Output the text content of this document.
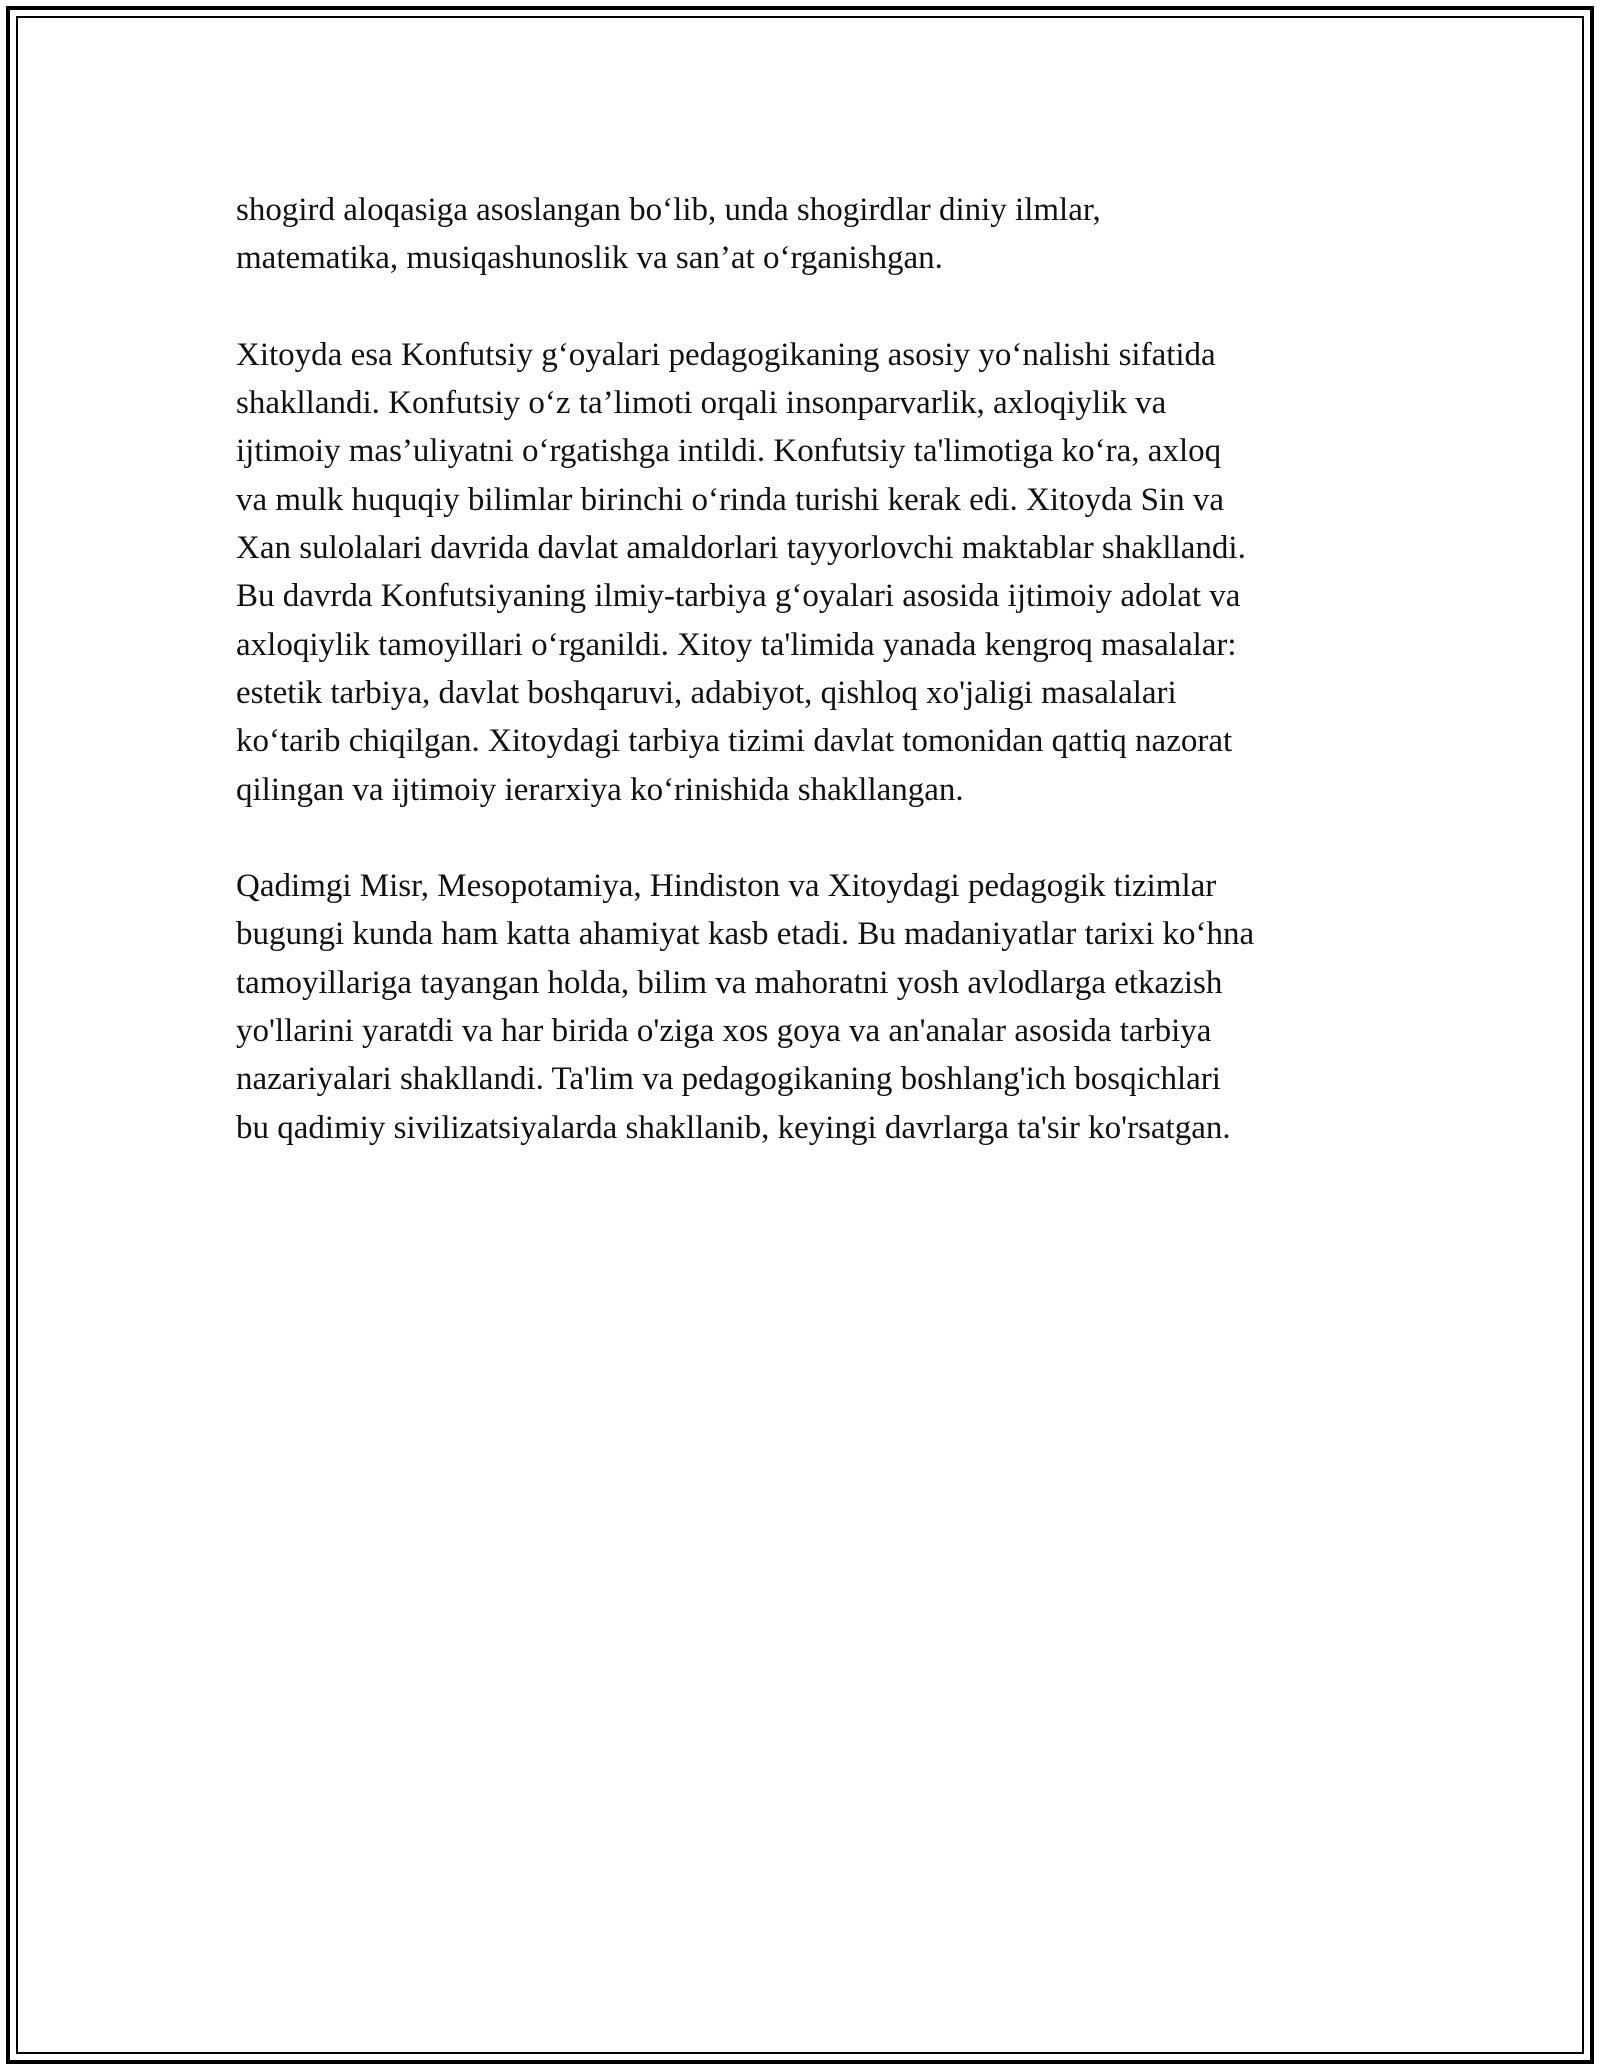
shogird aloqasiga asoslangan bo‘lib, unda shogirdlar diniy ilmlar,
matematika, musiqashunoslik va san’at o‘rganishgan.

Xitoyda esa Konfutsiy g‘oyalari pedagogikaning asosiy yo‘nalishi sifatida
shakllandi. Konfutsiy o‘z ta’limoti orqali insonparvarlik, axloqiylik va
ijtimoiy mas’uliyatni o‘rgatishga intildi. Konfutsiy ta'limotiga ko‘ra, axloq
va mulk huquqiy bilimlar birinchi o‘rinda turishi kerak edi. Xitoyda Sin va
Xan sulolalari davrida davlat amaldorlari tayyorlovchi maktablar shakllandi.
Bu davrda Konfutsiyaning ilmiy-tarbiya g‘oyalari asosida ijtimoiy adolat va
axloqiylik tamoyillari o‘rganildi. Xitoy ta'limida yanada kengroq masalalar:
estetik tarbiya, davlat boshqaruvi, adabiyot, qishloq xo'jaligi masalalari
ko‘tarib chiqilgan. Xitoydagi tarbiya tizimi davlat tomonidan qattiq nazorat
qilingan va ijtimoiy ierarxiya ko‘rinishida shakllangan.

Qadimgi Misr, Mesopotamiya, Hindiston va Xitoydagi pedagogik tizimlar
bugungi kunda ham katta ahamiyat kasb etadi. Bu madaniyatlar tarixi ko‘hna
tamoyillariga tayangan holda, bilim va mahoratni yosh avlodlarga etkazish
yo'llarini yaratdi va har birida o'ziga xos goya va an'analar asosida tarbiya
nazariyalari shakllandi. Ta'lim va pedagogikaning boshlang'ich bosqichlari
bu qadimiy sivilizatsiyalarda shakllanib, keyingi davrlarga ta'sir ko'rsatgan.
